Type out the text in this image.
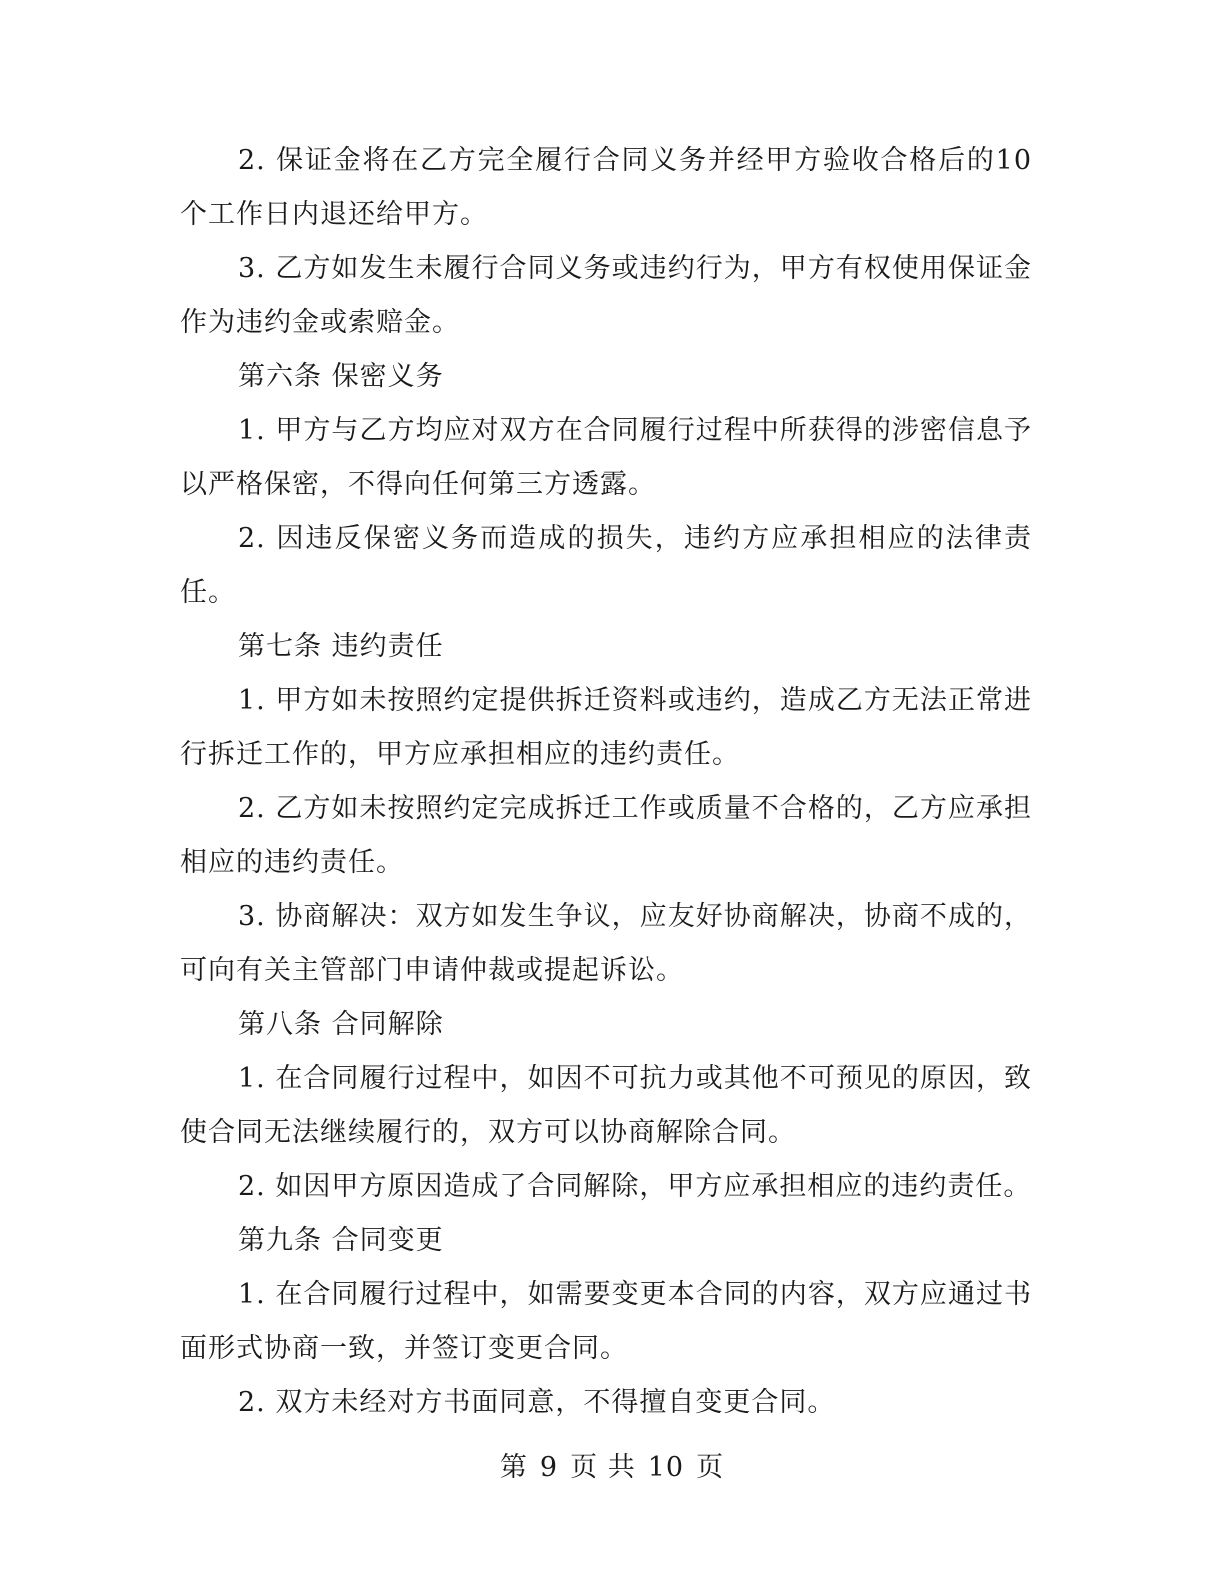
2. 保证金将在乙方完全履行合同义务并经甲方验收合格后的10个工作日内退还给甲方。

3. 乙方如发生未履行合同义务或违约行为，甲方有权使用保证金作为违约金或索赔金。

第六条 保密义务

1. 甲方与乙方均应对双方在合同履行过程中所获得的涉密信息予以严格保密，不得向任何第三方透露。

2. 因违反保密义务而造成的损失，违约方应承担相应的法律责任。

第七条 违约责任

1. 甲方如未按照约定提供拆迁资料或违约，造成乙方无法正常进行拆迁工作的，甲方应承担相应的违约责任。

2. 乙方如未按照约定完成拆迁工作或质量不合格的，乙方应承担相应的违约责任。

3. 协商解决：双方如发生争议，应友好协商解决，协商不成的，可向有关主管部门申请仲裁或提起诉讼。

第八条 合同解除

1. 在合同履行过程中，如因不可抗力或其他不可预见的原因，致使合同无法继续履行的，双方可以协商解除合同。

2. 如因甲方原因造成了合同解除，甲方应承担相应的违约责任。

第九条 合同变更

1. 在合同履行过程中，如需要变更本合同的内容，双方应通过书面形式协商一致，并签订变更合同。

2. 双方未经对方书面同意，不得擅自变更合同。

第 9 页 共 10 页
